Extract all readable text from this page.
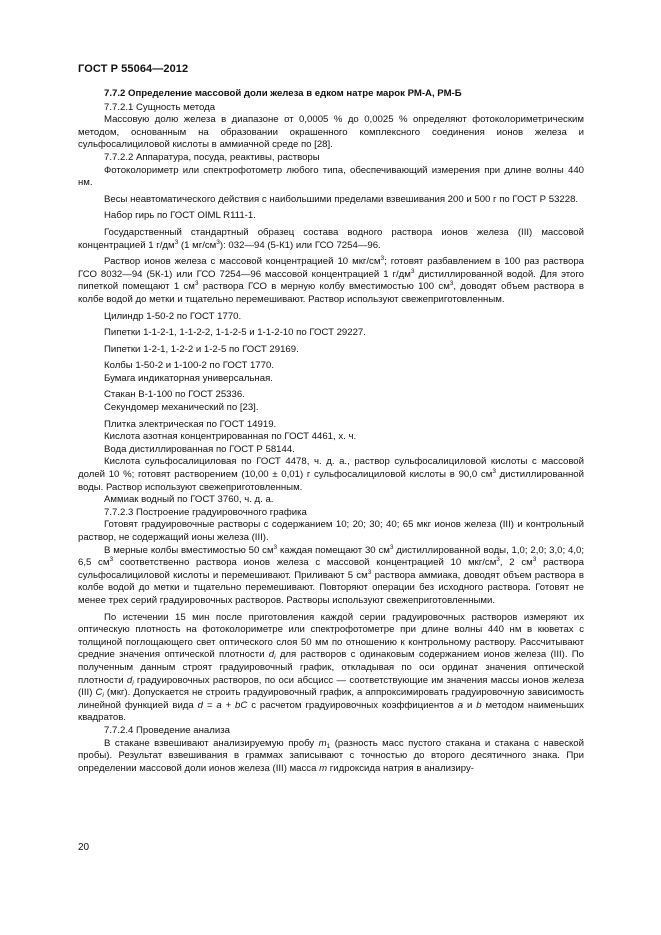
ГОСТ Р 55064—2012

7.7.2 Определение массовой доли железа в едком натре марок РМ-А, РМ-Б

7.7.2.1 Сущность метода

Массовую долю железа в диапазоне от 0,0005 % до 0,0025 % определяют фотоколориметрическим методом, основанным на образовании окрашенного комплексного соединения ионов железа и сульфосалициловой кислоты в аммиачной среде по [28].

7.7.2.2 Аппаратура, посуда, реактивы, растворы

Фотоколориметр или спектрофотометр любого типа, обеспечивающий измерения при длине волны 440 нм.

Весы неавтоматического действия с наибольшими пределами взвешивания 200 и 500 г по ГОСТ Р 53228.

Набор гирь по ГОСТ OIML R111-1.

Государственный стандартный образец состава водного раствора ионов железа (III) массовой концентрацией 1 $г/дм^3$ (1 $мг/см^3$): 032—94 (5-К1) или ГСО 7254—96.

Раствор ионов железа с массовой концентрацией 10 мкг/$см^3$; готовят разбавлением в 100 раз раствора ГСО 8032—94 (5К-1) или ГСО 7254—96 массовой концентрацией 1 $г/дм^3$ дистиллированной водой. Для этого пипеткой помещают 1 $см^3$ раствора ГСО в мерную колбу вместимостью 100 $см^3$, доводят объем раствора в колбе водой до метки и тщательно перемешивают. Раствор используют свежеприготовленным.

Цилиндр 1-50-2 по ГОСТ 1770.

Пипетки 1-1-2-1, 1-1-2-2, 1-1-2-5 и 1-1-2-10 по ГОСТ 29227.

Пипетки 1-2-1, 1-2-2 и 1-2-5 по ГОСТ 29169.

Колбы 1-50-2 и 1-100-2 по ГОСТ 1770.

Бумага индикаторная универсальная.

Стакан В-1-100 по ГОСТ 25336.

Секундомер механический по [23].

Плитка электрическая по ГОСТ 14919.

Кислота азотная концентрированная по ГОСТ 4461, х. ч.

Вода дистиллированная по ГОСТ Р 58144.

Кислота сульфосалициловая по ГОСТ 4478, ч. д. а., раствор сульфосалициловой кислоты с массовой долей 10 %; готовят растворением (10,00 ± 0,01) г сульфосалициловой кислоты в 90,0 $см^3$ дистиллированной воды. Раствор используют свежеприготовленным.

Аммиак водный по ГОСТ 3760, ч. д. а.

7.7.2.3 Построение градуировочного графика

Готовят градуировочные растворы с содержанием 10; 20; 30; 40; 65 мкг ионов железа (III) и контрольный раствор, не содержащий ионы железа (III).

В мерные колбы вместимостью 50 $см^3$ каждая помещают 30 $см^3$ дистиллированной воды, 1,0; 2,0; 3,0; 4,0; 6,5 $см^3$ соответственно раствора ионов железа с массовой концентрацией 10 мкг/$см^3$, 2 $см^3$ раствора сульфосалициловой кислоты и перемешивают. Приливают 5 $см^3$ раствора аммиака, доводят объем раствора в колбе водой до метки и тщательно перемешивают. Повторяют операции без исходного раствора. Готовят не менее трех серий градуировочных растворов. Растворы используют свежеприготовленными.

По истечении 15 мин после приготовления каждой серии градуировочных растворов измеряют их оптическую плотность на фотоколориметре или спектрофотометре при длине волны 440 нм в кюветах с толщиной поглощающего свет оптического слоя 50 мм по отношению к контрольному раствору. Рассчитывают средние значения оптической плотности $d_i$ для растворов с одинаковым содержанием ионов железа (III). По полученным данным строят градуировочный график, откладывая по оси ординат значения оптической плотности $d_i$ градуировочных растворов, по оси абсцисс — соответствующие им значения массы ионов железа (III) $C_i$ (мкг). Допускается не строить градуировочный график, а аппроксимировать градуировочную зависимость линейной функцией вида d = a + bC с расчетом градуировочных коэффициентов a и b методом наименьших квадратов.

7.7.2.4 Проведение анализа

В стакане взвешивают анализируемую пробу $m_1$ (разность масс пустого стакана и стакана с навеской пробы). Результат взвешивания в граммах записывают с точностью до второго десятичного знака. При определении массовой доли ионов железа (III) масса m гидроксида натрия в анализиру-

20
